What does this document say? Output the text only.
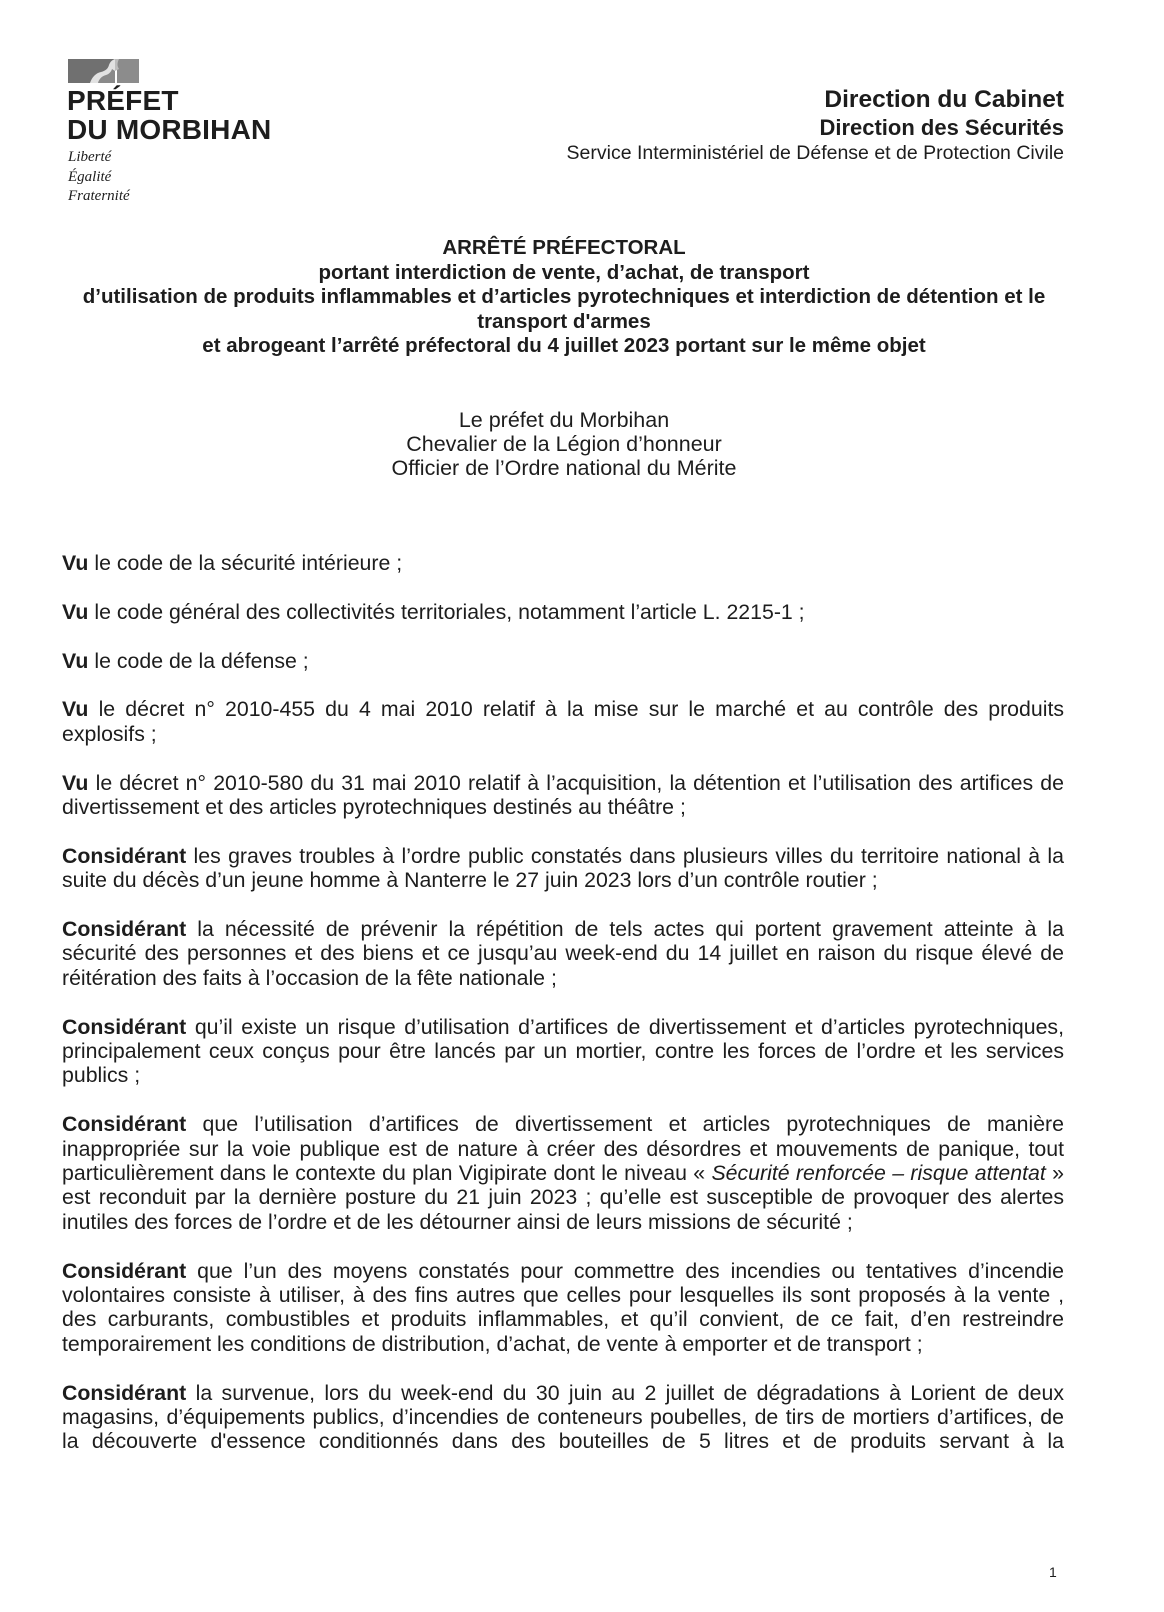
PRÉFET
DU MORBIHAN
Liberté
Égalité
Fraternité
Direction du Cabinet
Direction des Sécurités
Service Interministériel de Défense et de Protection Civile
ARRÊTÉ PRÉFECTORAL
portant interdiction de vente, d’achat, de transport
d’utilisation de produits inflammables et d’articles pyrotechniques et interdiction de détention et le
transport d'armes
et abrogeant l’arrêté préfectoral du 4 juillet 2023 portant sur le même objet
Le préfet du Morbihan
Chevalier de la Légion d’honneur
Officier de l’Ordre national du Mérite

Vu le code de la sécurité intérieure ;

Vu le code général des collectivités territoriales, notamment l’article L. 2215-1 ;

Vu le code de la défense ;

Vu le décret n° 2010-455 du 4 mai 2010 relatif à la mise sur le marché et au contrôle des produits explosifs ;

Vu le décret n° 2010-580 du 31 mai 2010 relatif à l’acquisition, la détention et l’utilisation des artifices de divertissement et des articles pyrotechniques destinés au théâtre ;

Considérant les graves troubles à l’ordre public constatés dans plusieurs villes du territoire national à la suite du décès d’un jeune homme à Nanterre le 27 juin 2023 lors d’un contrôle routier ;

Considérant la nécessité de prévenir la répétition de tels actes qui portent gravement atteinte à la sécurité des personnes et des biens et ce jusqu’au week-end du 14 juillet en raison du risque élevé de réitération des faits à l’occasion de la fête nationale ;

Considérant qu’il existe un risque d’utilisation d’artifices de divertissement et d’articles pyrotechniques, principalement ceux conçus pour être lancés par un mortier, contre les forces de l’ordre et les services publics ;

Considérant que l’utilisation d’artifices de divertissement et articles pyrotechniques de manière inappropriée sur la voie publique est de nature à créer des désordres et mouvements de panique, tout particulièrement dans le contexte du plan Vigipirate dont le niveau « Sécurité renforcée – risque attentat » est reconduit par la dernière posture du 21 juin 2023 ; qu’elle est susceptible de provoquer des alertes inutiles des forces de l’ordre et de les détourner ainsi de leurs missions de sécurité ;

Considérant que l’un des moyens constatés pour commettre des incendies ou tentatives d’incendie volontaires consiste à utiliser, à des fins autres que celles pour lesquelles ils sont proposés à la vente , des carburants, combustibles et produits inflammables, et qu’il convient, de ce fait, d’en restreindre temporairement les conditions de distribution, d’achat, de vente à emporter et de transport ;

Considérant la survenue, lors du week-end du 30 juin au 2 juillet de dégradations à Lorient de deux magasins, d’équipements publics, d’incendies de conteneurs poubelles, de tirs de mortiers d’artifices, de la découverte d'essence conditionnés dans des bouteilles de 5 litres et de produits servant à la

1
